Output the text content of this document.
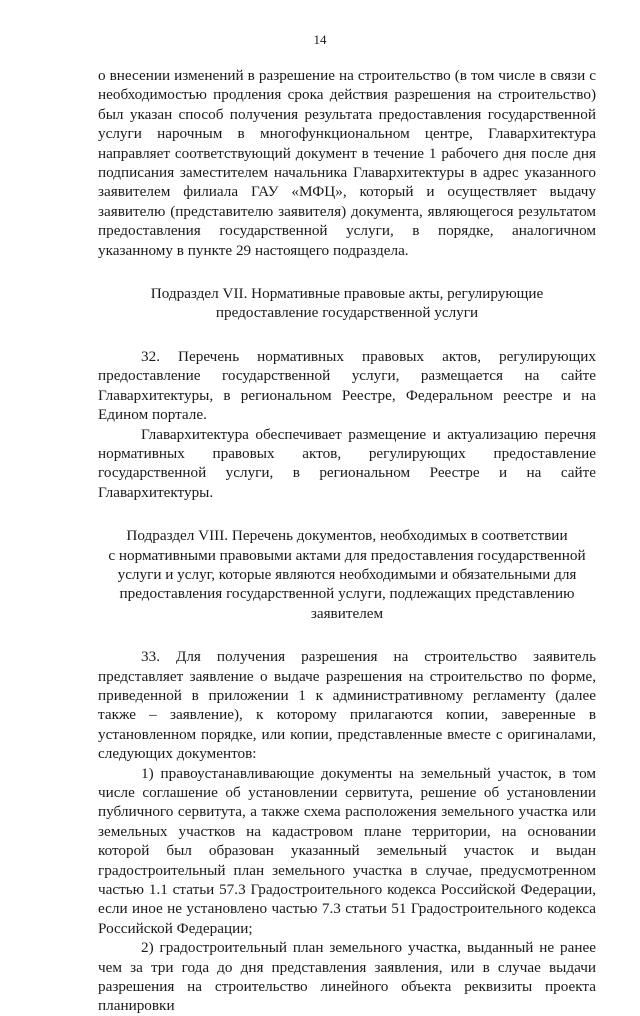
14

о внесении изменений в разрешение на строительство (в том числе в связи с необходимостью продления срока действия разрешения на строительство) был указан способ получения результата предоставления государственной услуги нарочным в многофункциональном центре, Главархитектура направляет соответствующий документ в течение 1 рабочего дня после дня подписания заместителем начальника Главархитектуры в адрес указанного заявителем филиала ГАУ «МФЦ», который и осуществляет выдачу заявителю (представителю заявителя) документа, являющегося результатом предоставления государственной услуги, в порядке, аналогичном указанному в пункте 29 настоящего подраздела.

Подраздел VII. Нормативные правовые акты, регулирующие
предоставление государственной услуги

32. Перечень нормативных правовых актов, регулирующих предоставление государственной услуги, размещается на сайте Главархитектуры, в региональном Реестре, Федеральном реестре и на Едином портале.

Главархитектура обеспечивает размещение и актуализацию перечня нормативных правовых актов, регулирующих предоставление государственной услуги, в региональном Реестре и на сайте Главархитектуры.

Подраздел VIII. Перечень документов, необходимых в соответствии
с нормативными правовыми актами для предоставления государственной
услуги и услуг, которые являются необходимыми и обязательными для
предоставления государственной услуги, подлежащих представлению
заявителем

33. Для получения разрешения на строительство заявитель представляет заявление о выдаче разрешения на строительство по форме, приведенной в приложении 1 к административному регламенту (далее также – заявление), к которому прилагаются копии, заверенные в установленном порядке, или копии, представленные вместе с оригиналами, следующих документов:

1) правоустанавливающие документы на земельный участок, в том числе соглашение об установлении сервитута, решение об установлении публичного сервитута, а также схема расположения земельного участка или земельных участков на кадастровом плане территории, на основании которой был образован указанный земельный участок и выдан градостроительный план земельного участка в случае, предусмотренном частью 1.1 статьи 57.3 Градостроительного кодекса Российской Федерации, если иное не установлено частью 7.3 статьи 51 Градостроительного кодекса Российской Федерации;

2) градостроительный план земельного участка, выданный не ранее чем за три года до дня представления заявления, или в случае выдачи разрешения на строительство линейного объекта реквизиты проекта планировки
